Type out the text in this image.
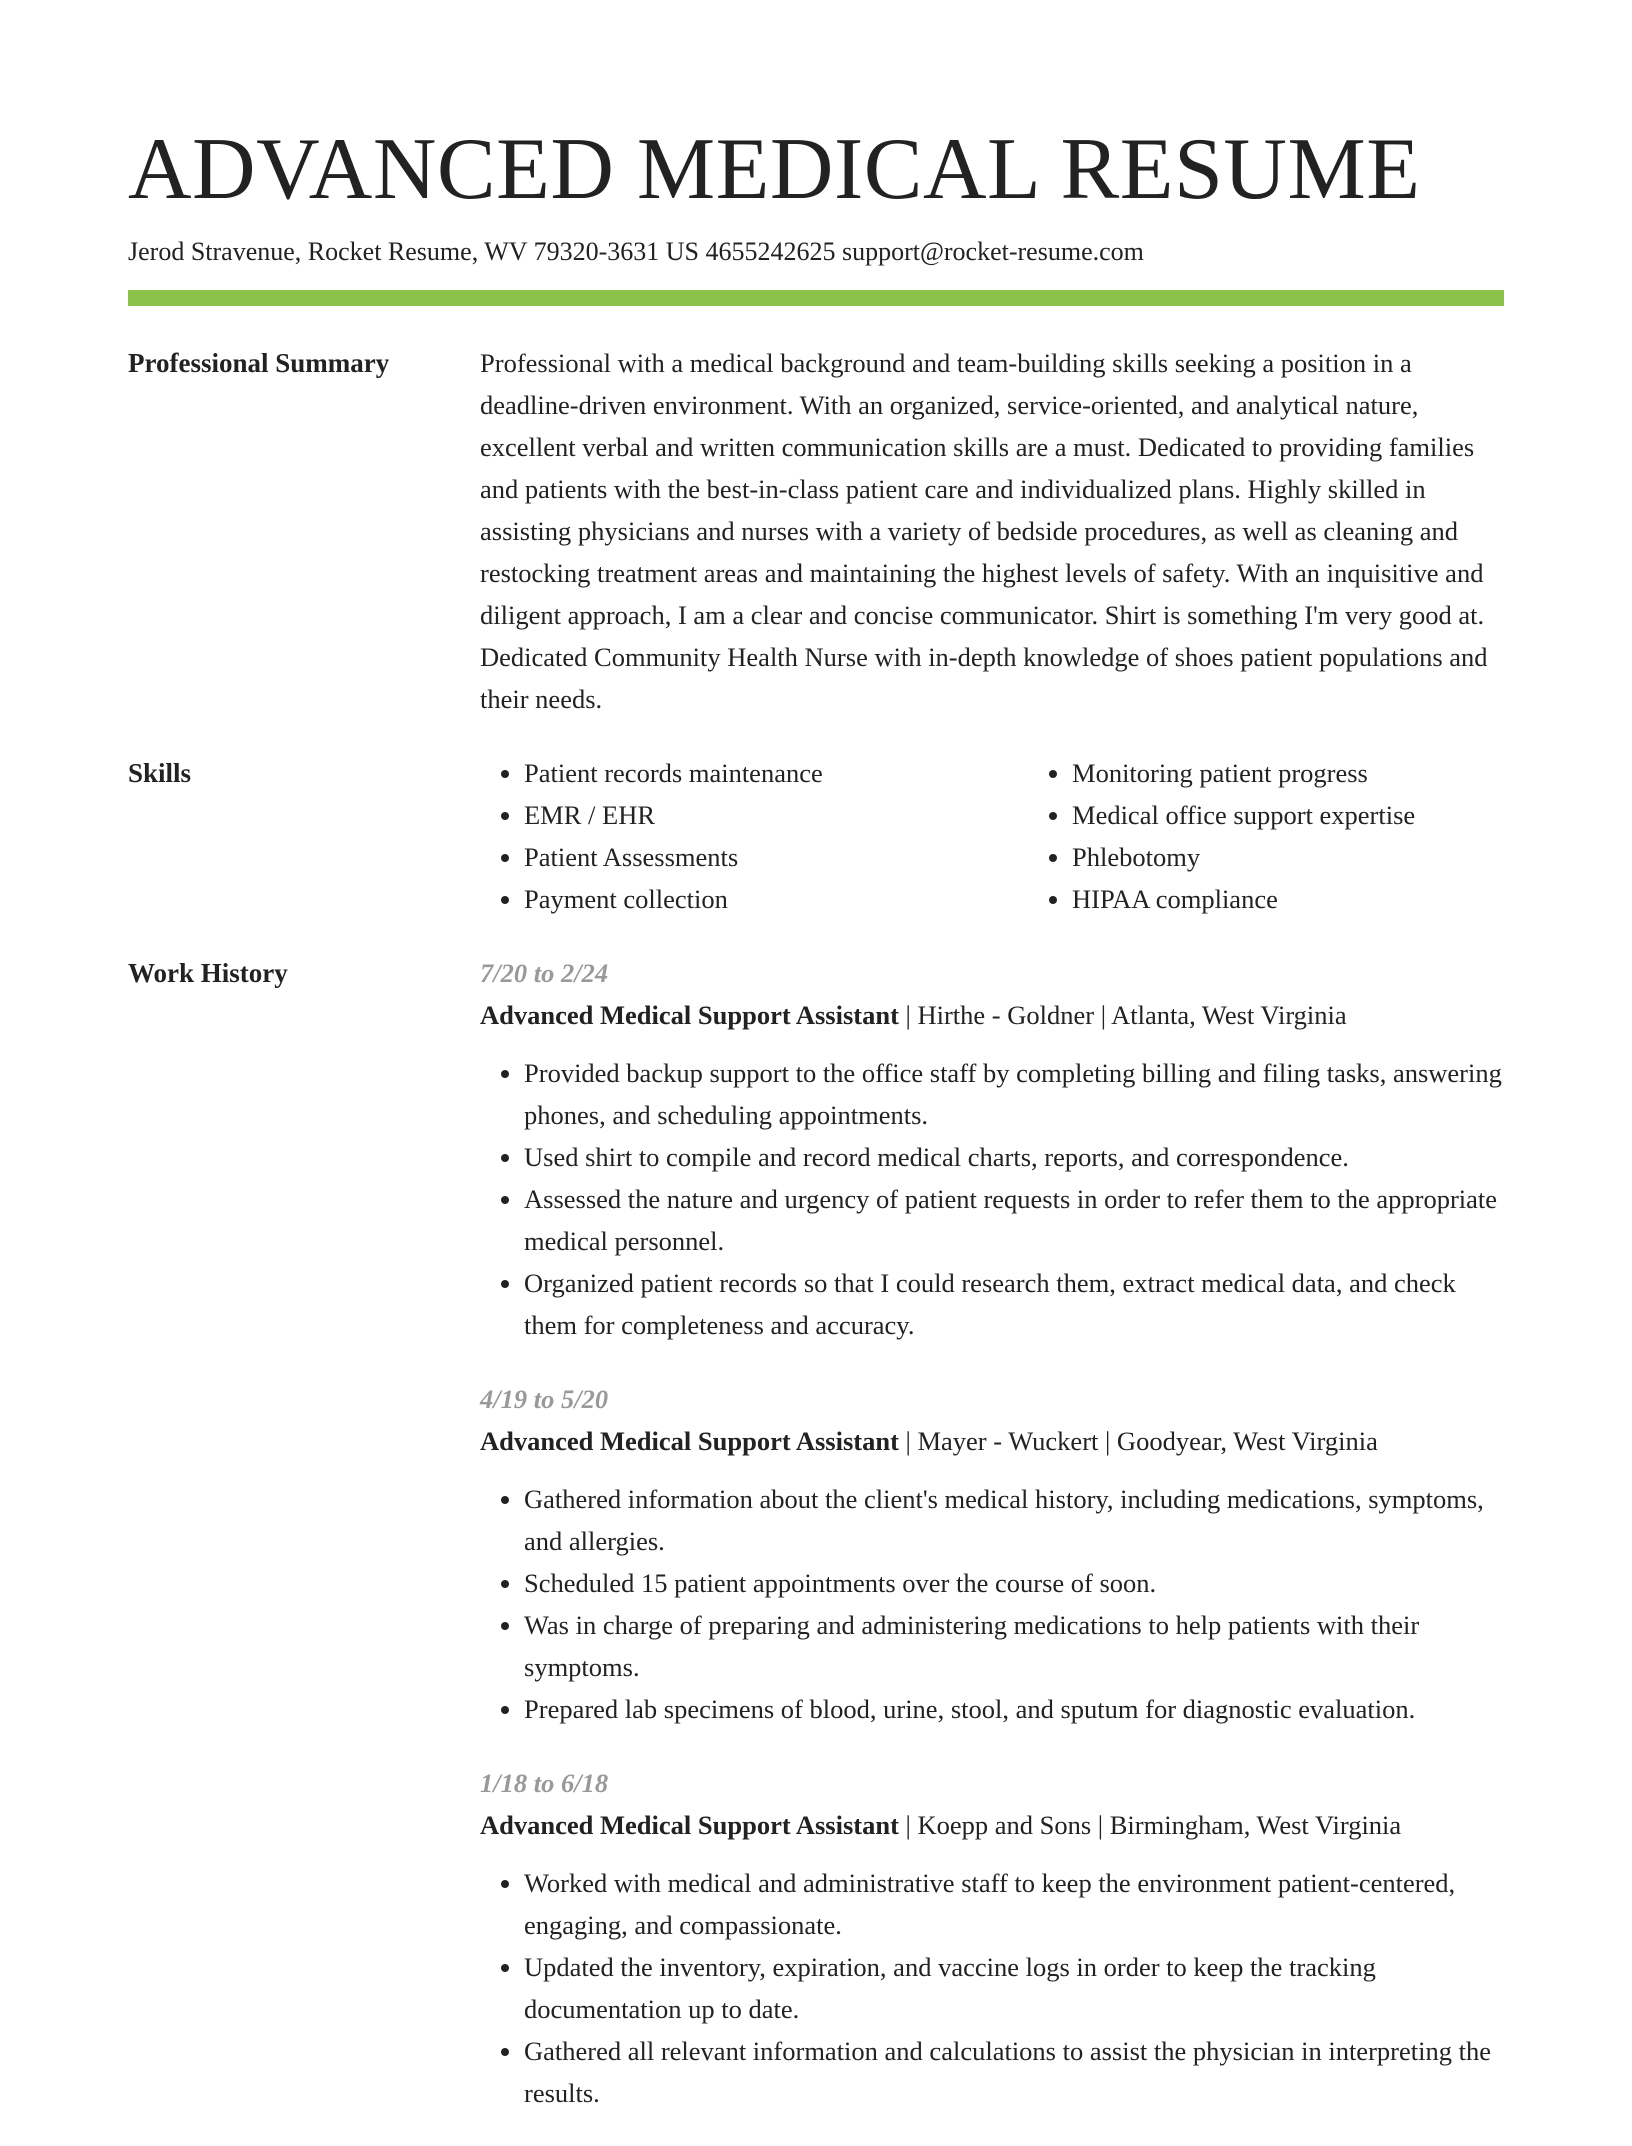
ADVANCED MEDICAL RESUME
Jerod Stravenue, Rocket Resume, WV 79320-3631 US 4655242625 support@rocket-resume.com
Professional Summary	Professional with a medical background and team-building skills seeking a position in a deadline-driven environment. With an organized, service-oriented, and analytical nature, excellent verbal and written communication skills are a must. Dedicated to providing families and patients with the best-in-class patient care and individualized plans. Highly skilled in assisting physicians and nurses with a variety of bedside procedures, as well as cleaning and restocking treatment areas and maintaining the highest levels of safety. With an inquisitive and diligent approach, I am a clear and concise communicator. Shirt is something I'm very good at. Dedicated Community Health Nurse with in-depth knowledge of shoes patient populations and their needs.

Skills
•	Patient records maintenance
• EMR / EHR
• Patient Assessments
• Payment collection
• Monitoring patient progress
• Medical office support expertise
• Phlebotomy
• HIPAA compliance
Work History	7/20 to 2/24
Advanced Medical Support Assistant | Hirthe - Goldner | Atlanta, West Virginia
• Provided backup support to the office staff by completing billing and filing tasks, answering phones, and scheduling appointments.
• Used shirt to compile and record medical charts, reports, and correspondence.
• Assessed the nature and urgency of patient requests in order to refer them to the appropriate medical personnel.
• Organized patient records so that I could research them, extract medical data, and check them for completeness and accuracy.
4/19 to 5/20
Advanced Medical Support Assistant | Mayer - Wuckert | Goodyear, West Virginia
• Gathered information about the client's medical history, including medications, symptoms, and allergies.
• Scheduled 15 patient appointments over the course of soon.
• Was in charge of preparing and administering medications to help patients with their symptoms.
• Prepared lab specimens of blood, urine, stool, and sputum for diagnostic evaluation.
1/18 to 6/18
Advanced Medical Support Assistant | Koepp and Sons | Birmingham, West Virginia
• Worked with medical and administrative staff to keep the environment patient-centered, engaging, and compassionate.
• Updated the inventory, expiration, and vaccine logs in order to keep the tracking documentation up to date.
• Gathered all relevant information and calculations to assist the physician in interpreting the results.
